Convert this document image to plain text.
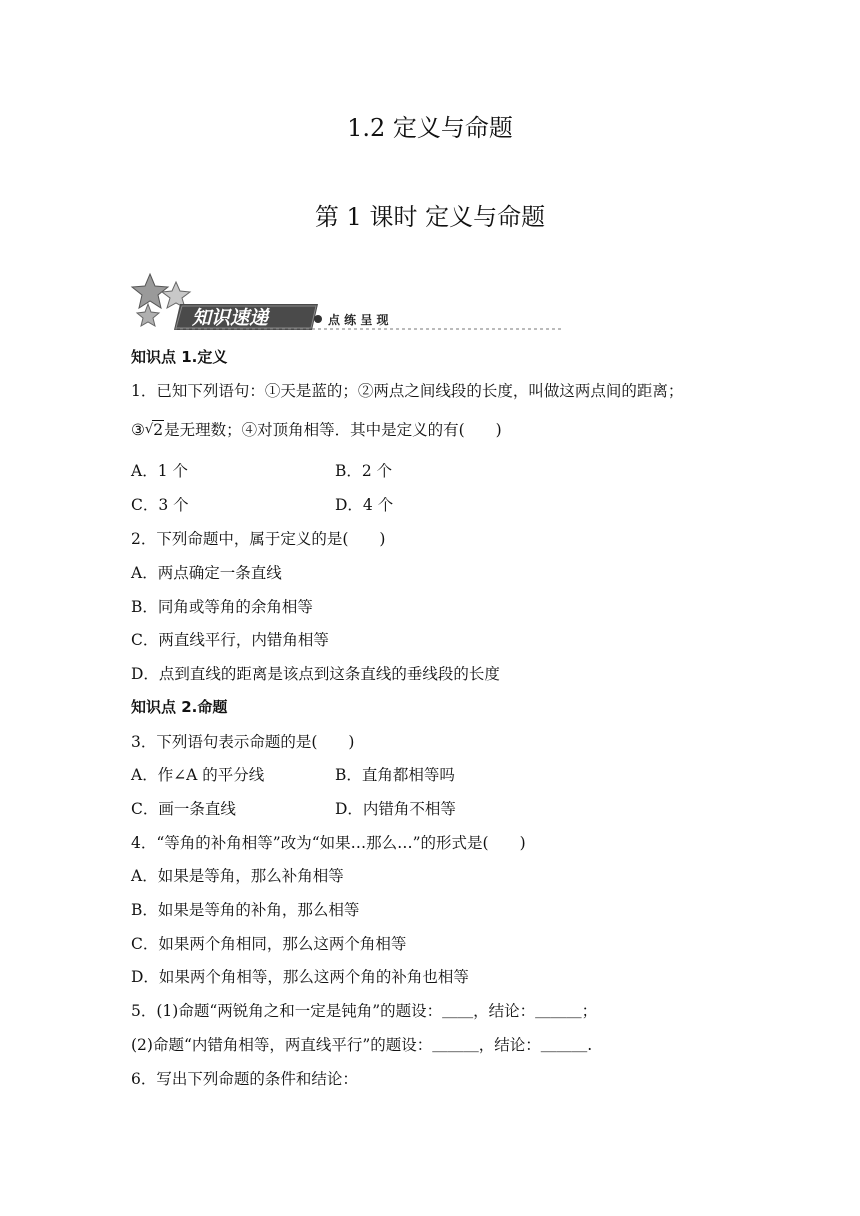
1.2 定义与命题
第 1 课时 定义与命题
知识速递	点 练 呈 现
知识点 1.定义
1．已知下列语句：①天是蓝的；②两点之间线段的长度，叫做这两点间的距离；
③√2是无理数；④对顶角相等．其中是定义的有(　　)
A．1 个	B．2 个
C．3 个	D．4 个
2．下列命题中，属于定义的是(　　)
A．两点确定一条直线
B．同角或等角的余角相等
C．两直线平行，内错角相等
D．点到直线的距离是该点到这条直线的垂线段的长度
知识点 2.命题
3．下列语句表示命题的是(　　)
A．作∠A 的平分线	B．直角都相等吗
C．画一条直线	D．内错角不相等
4．“等角的补角相等”改为“如果…那么…”的形式是(　　)
A．如果是等角，那么补角相等
B．如果是等角的补角，那么相等
C．如果两个角相同，那么这两个角相等
D．如果两个角相等，那么这两个角的补角也相等
5．(1)命题“两锐角之和一定是钝角”的题设：＿＿，结论：＿＿＿；
(2)命题“内错角相等，两直线平行”的题设：＿＿＿，结论：＿＿＿.
6．写出下列命题的条件和结论：
